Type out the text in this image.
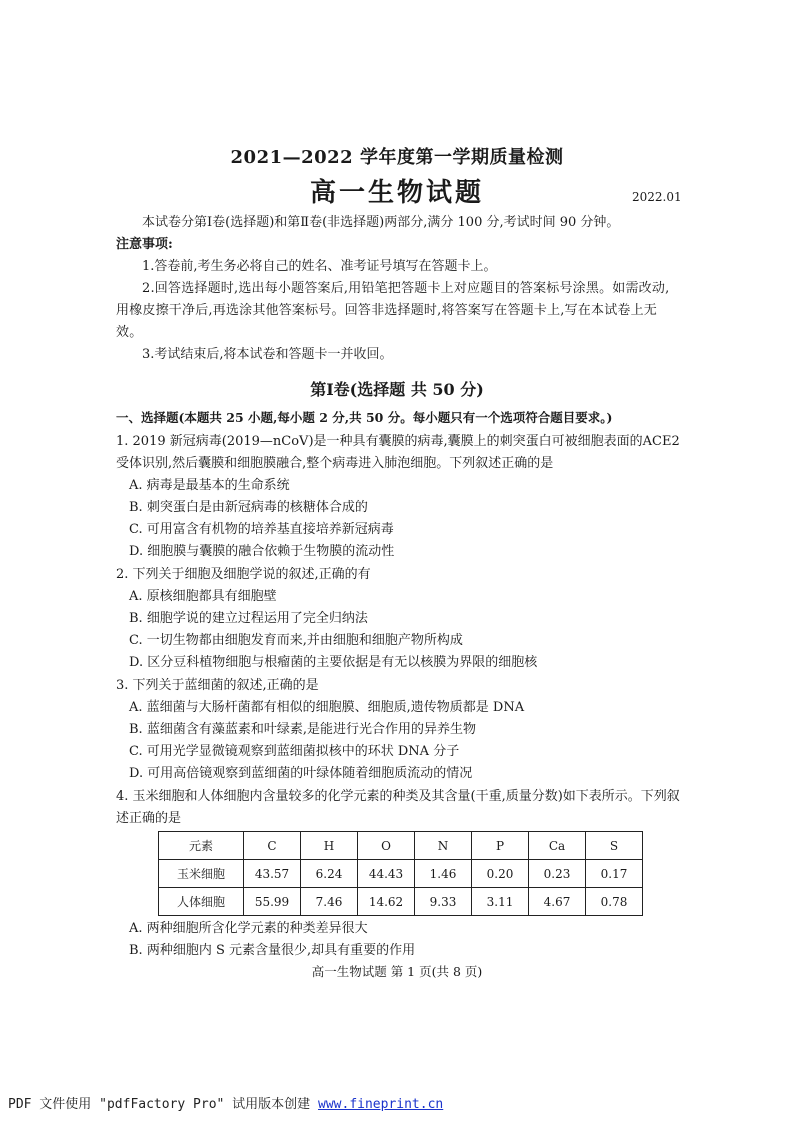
2021—2022 学年度第一学期质量检测
高一生物试题	2022.01
本试卷分第Ⅰ卷(选择题)和第Ⅱ卷(非选择题)两部分,满分 100 分,考试时间 90 分钟。
注意事项:
1.答卷前,考生务必将自己的姓名、准考证号填写在答题卡上。
2.回答选择题时,选出每小题答案后,用铅笔把答题卡上对应题目的答案标号涂黑。如需改动,用橡皮擦干净后,再选涂其他答案标号。回答非选择题时,将答案写在答题卡上,写在本试卷上无效。
3.考试结束后,将本试卷和答题卡一并收回。
第Ⅰ卷(选择题 共 50 分)
一、选择题(本题共 25 小题,每小题 2 分,共 50 分。每小题只有一个选项符合题目要求。)
1. 2019 新冠病毒(2019—nCoV)是一种具有囊膜的病毒,囊膜上的刺突蛋白可被细胞表面的ACE2 受体识别,然后囊膜和细胞膜融合,整个病毒进入肺泡细胞。下列叙述正确的是
A. 病毒是最基本的生命系统
B. 刺突蛋白是由新冠病毒的核糖体合成的
C. 可用富含有机物的培养基直接培养新冠病毒
D. 细胞膜与囊膜的融合依赖于生物膜的流动性
2. 下列关于细胞及细胞学说的叙述,正确的有
A. 原核细胞都具有细胞壁
B. 细胞学说的建立过程运用了完全归纳法
C. 一切生物都由细胞发育而来,并由细胞和细胞产物所构成
D. 区分豆科植物细胞与根瘤菌的主要依据是有无以核膜为界限的细胞核
3. 下列关于蓝细菌的叙述,正确的是
A. 蓝细菌与大肠杆菌都有相似的细胞膜、细胞质,遗传物质都是 DNA
B. 蓝细菌含有藻蓝素和叶绿素,是能进行光合作用的异养生物
C. 可用光学显微镜观察到蓝细菌拟核中的环状 DNA 分子
D. 可用高倍镜观察到蓝细菌的叶绿体随着细胞质流动的情况
4. 玉米细胞和人体细胞内含量较多的化学元素的种类及其含量(干重,质量分数)如下表所示。下列叙述正确的是
元素	C	H	O	N	P	Ca	S
玉米细胞	43.57	6.24	44.43	1.46	0.20	0.23	0.17
人体细胞	55.99	7.46	14.62	9.33	3.11	4.67	0.78
A. 两种细胞所含化学元素的种类差异很大
B. 两种细胞内 S 元素含量很少,却具有重要的作用
高一生物试题 第 1 页(共 8 页)
PDF 文件使用 "pdfFactory Pro" 试用版本创建 www.fineprint.cn
